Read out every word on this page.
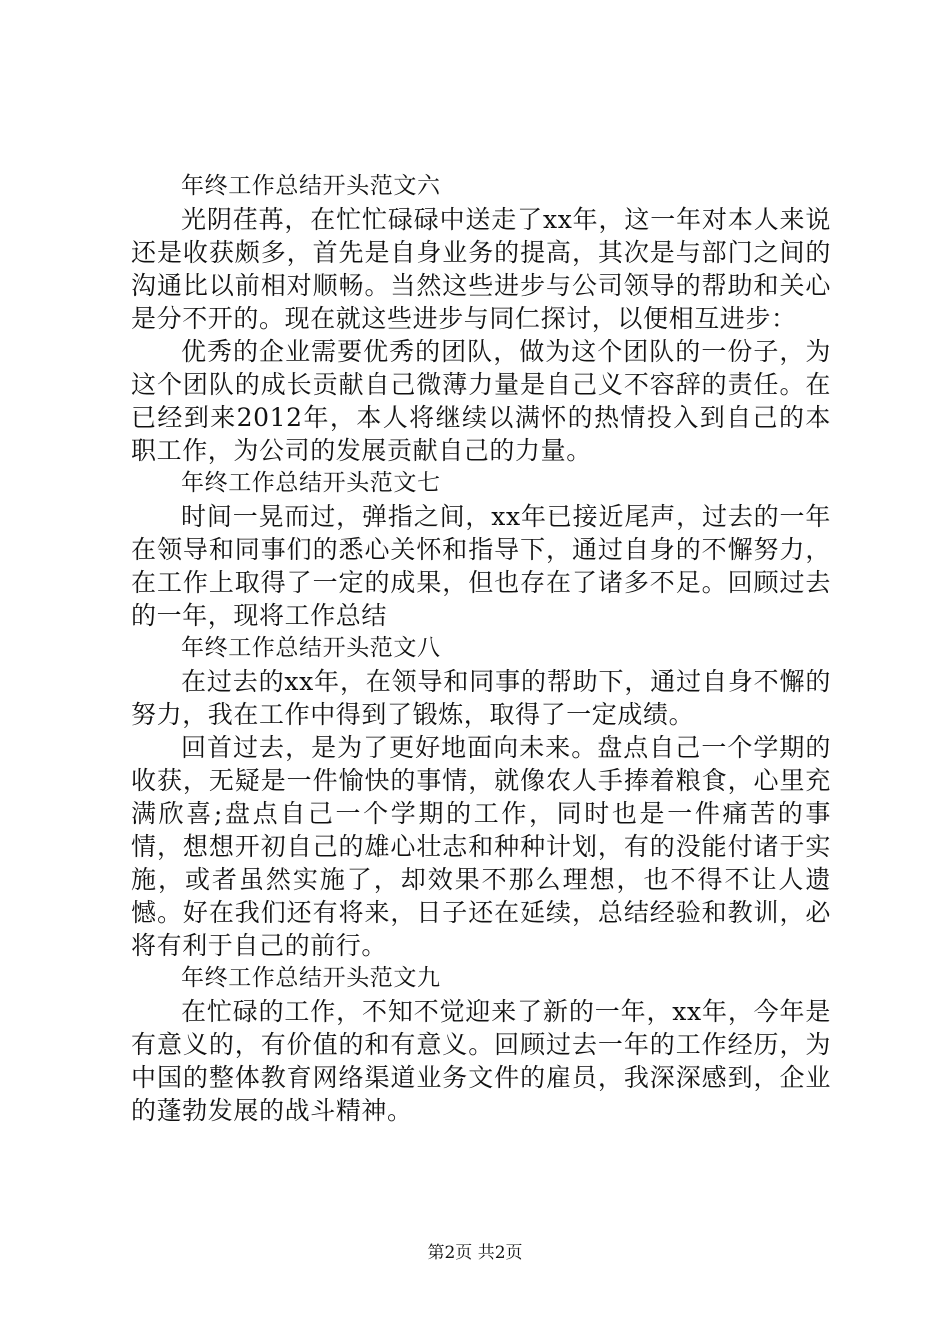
年终工作总结开头范文六

光阴荏苒，在忙忙碌碌中送走了xx年，这一年对本人来说还是收获颇多，首先是自身业务的提高，其次是与部门之间的沟通比以前相对顺畅。当然这些进步与公司领导的帮助和关心是分不开的。现在就这些进步与同仁探讨，以便相互进步：

优秀的企业需要优秀的团队，做为这个团队的一份子，为这个团队的成长贡献自己微薄力量是自己义不容辞的责任。在已经到来2012年，本人将继续以满怀的热情投入到自己的本职工作，为公司的发展贡献自己的力量。

年终工作总结开头范文七

时间一晃而过，弹指之间，xx年已接近尾声，过去的一年在领导和同事们的悉心关怀和指导下，通过自身的不懈努力，在工作上取得了一定的成果，但也存在了诸多不足。回顾过去的一年，现将工作总结

年终工作总结开头范文八

在过去的xx年，在领导和同事的帮助下，通过自身不懈的努力，我在工作中得到了锻炼，取得了一定成绩。

回首过去，是为了更好地面向未来。盘点自己一个学期的收获，无疑是一件愉快的事情，就像农人手捧着粮食，心里充满欣喜;盘点自己一个学期的工作，同时也是一件痛苦的事情，想想开初自己的雄心壮志和种种计划，有的没能付诸于实施，或者虽然实施了，却效果不那么理想，也不得不让人遗憾。好在我们还有将来，日子还在延续，总结经验和教训，必将有利于自己的前行。

年终工作总结开头范文九

在忙碌的工作，不知不觉迎来了新的一年，xx年，今年是有意义的，有价值的和有意义。回顾过去一年的工作经历，为中国的整体教育网络渠道业务文件的雇员，我深深感到，企业的蓬勃发展的战斗精神。

第2页 共2页
